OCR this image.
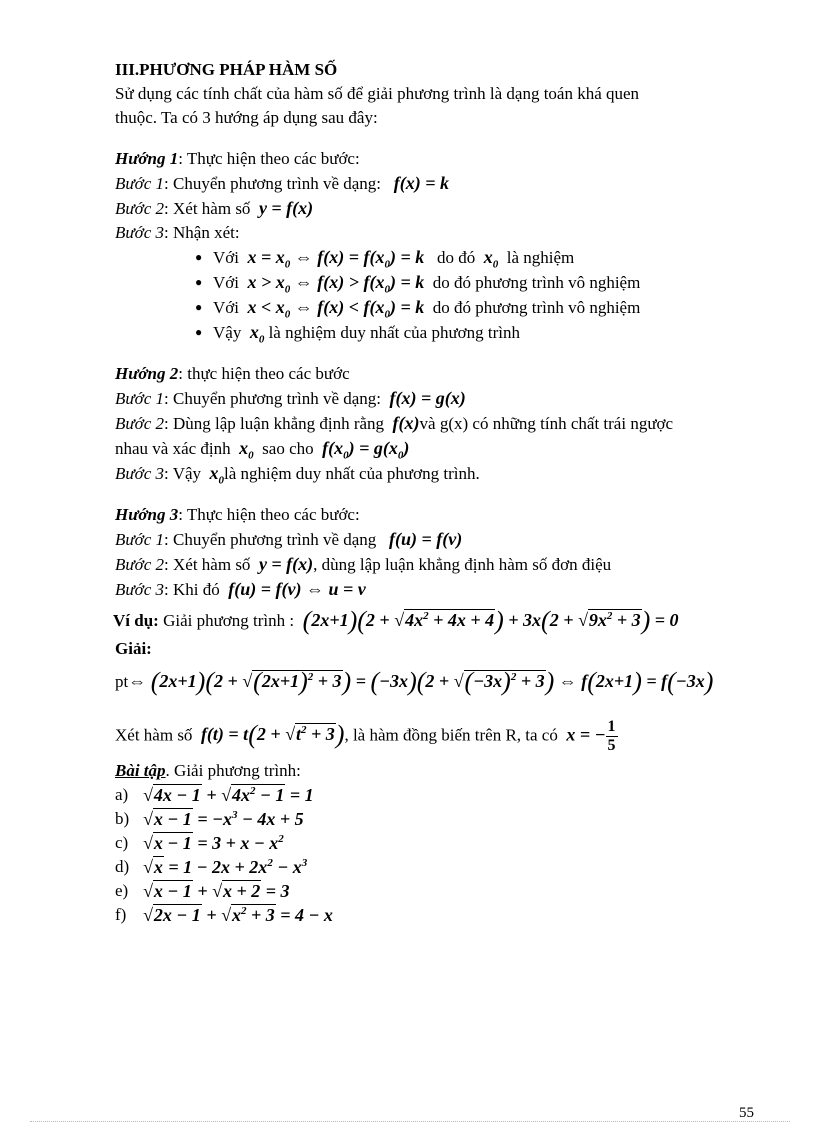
III.PHƯƠNG PHÁP HÀM SỐ
Sử dụng các tính chất của hàm số để giải phương trình là dạng toán khá quen
thuộc. Ta có 3 hướng áp dụng sau đây:
Hướng 1: Thực hiện theo các bước:
Bước 1: Chuyển phương trình về dạng: f(x) = k
Bước 2: Xét hàm số y = f(x)
Bước 3: Nhận xét:
● Với $x = x_0$ ⇔ $f(x) = f(x_0) = k$ do đó $x_0$ là nghiệm
● Với $x > x_0$ ⇔ $f(x) > f(x_0) = k$ do đó phương trình vô nghiệm
● Với $x < x_0$ ⇔ $f(x) < f(x_0) = k$ do đó phương trình vô nghiệm
● Vậy $x_0$ là nghiệm duy nhất của phương trình
Hướng 2: thực hiện theo các bước
Bước 1: Chuyển phương trình về dạng: f(x) = g(x)
Bước 2: Dùng lập luận khẳng định rằng f(x)và g(x) có những tính chất trái ngược
nhau và xác định $x_0$ sao cho $f(x_0) = g(x_0)$
Bước 3: Vậy $x_0là$ nghiệm duy nhất của phương trình.
Hướng 3: Thực hiện theo các bước:
Bước 1: Chuyển phương trình về dạng f(u) = f(v)
Bước 2: Xét hàm số y = f(x), dùng lập luận khẳng định hàm số đơn điệu
Bước 3: Khi đó f(u) = f(v) ⇔ u = v
Ví dụ: Giải phương trình : $(2x+1)(2 + √4x^2 + 4x + 4) + 3x(2 + √9x^2 + 3) = 0$
Giải:
pt⇔ $(2x+1)(2 + √(2x+1)^2 + 3) = (-3x)(2 + √(-3x)^2 + 3)$ ⇔ f(2x+1) = f(−3x)
Xét hàm số $f(t) = t(2 + √t^2 + 3)$, là hàm đồng biến trên R, ta có x = − $\frac{1}{5}$
Bài tập. Giải phương trình:
a) $√4x - 1 + √4x^2 - 1 = 1$
b) $√x - 1 = -x^3 - 4x + 5$
c) $√x - 1 = 3 + x - x^2$
d) $√x = 1 - 2x + 2x^2 - x^3$
e) √x − 1 + √x + 2 = 3
f) $√2x - 1 + √x^2 + 3 = 4 - x$
55
